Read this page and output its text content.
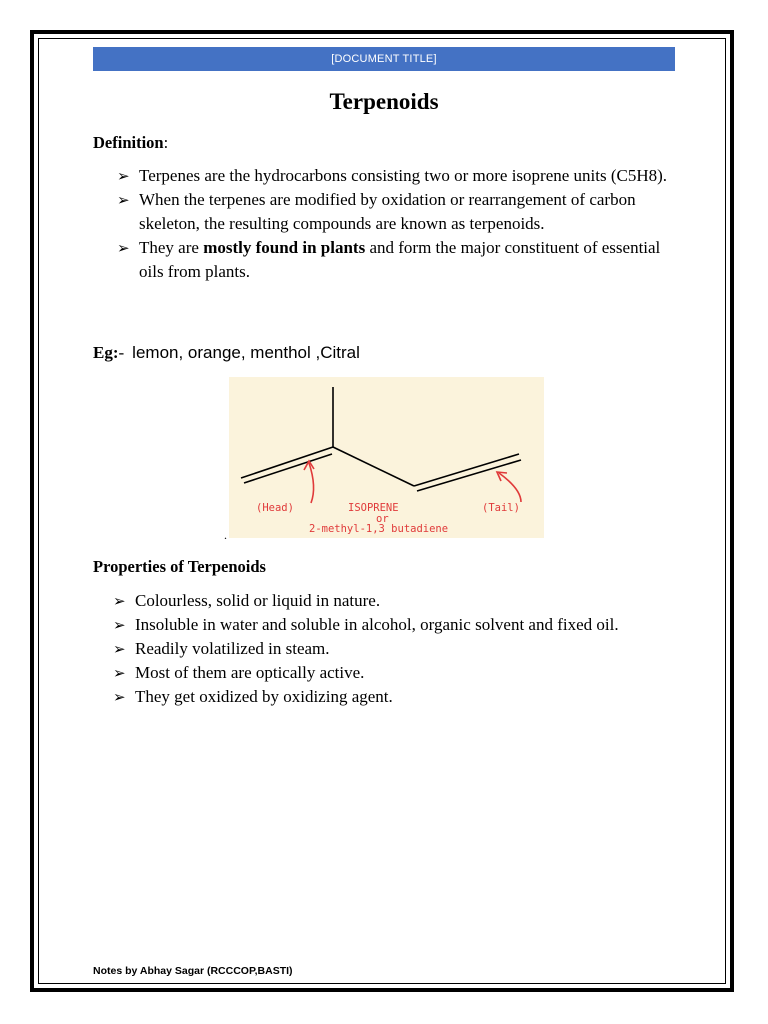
[DOCUMENT TITLE]
Terpenoids
Definition:
➢ Terpenes are the hydrocarbons consisting two or more isoprene units (C5H8).
➢ When the terpenes are modified by oxidation or rearrangement of carbon skeleton, the resulting compounds are known as terpenoids.
➢ They are mostly found in plants and form the major constituent of essential oils from plants.
Eg:- lemon, orange, menthol ,Citral
(Head)	(Tail)
ISOPRENE
or
2-methyl-1,3 butadiene
.
Properties of Terpenoids
➢ Colourless, solid or liquid in nature.
➢ Insoluble in water and soluble in alcohol, organic solvent and fixed oil.
➢ Readily volatilized in steam.
➢ Most of them are optically active.
➢ They get oxidized by oxidizing agent.
Notes by Abhay Sagar (RCCCOP,BASTI)
